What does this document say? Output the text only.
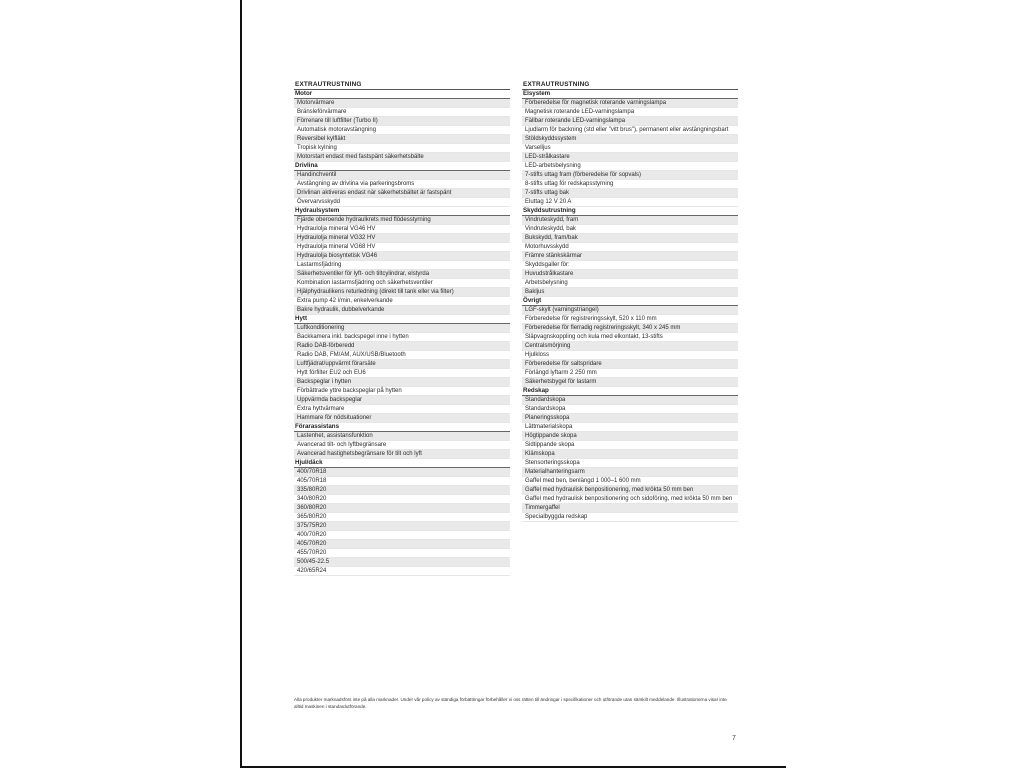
EXTRAUTRUSTNING
Motor
Motorvärmare
Bränsleförvärmare
Förrenare till luftfilter (Turbo II)
Automatisk motoravstängning
Reversibel kylfläkt
Tropisk kylning
Motorstart endast med fastspänt säkerhetsbälte
Drivlina
Handinchventil
Avstängning av drivlina via parkeringsbroms
Drivlinan aktiveras endast när säkerhetsbältet är fastspänt
Övervarvsskydd
Hydraulsystem
Fjärde oberoende hydraulkrets med flödesstyrning
Hydraulolja mineral VG46 HV
Hydraulolja mineral VG32 HV
Hydraulolja mineral VG68 HV
Hydraulolja biosyntetisk VG46
Lastarmsfjädring
Säkerhetsventiler för lyft- och tiltcylindrar, elstyrda
Kombination lastarmsfjädring och säkerhetsventiler
Hjälphydraulikens returledning (direkt till tank eller via filter)
Extra pump 42 l/min, enkelverkande
Bakre hydraulik, dubbelverkande
Hytt
Luftkonditionering
Backkamera inkl. backspegel inne i hytten
Radio DAB-förberedd
Radio DAB, FM/AM, AUX/USB/Bluetooth
Luftfjädrat/uppvärmt förarsäte
Hytt förfilter EU2 och EU6
Backspeglar i hytten
Förbättrade yttre backspeglar på hytten
Uppvärmda backspeglar
Extra hyttvärmare
Hammare för nödsituationer
Förarassistans
Lastenhet, assistansfunktion
Avancerad tilt- och lyftbegränsare
Avancerad hastighetsbegränsare för tilt och lyft
Hjul/däck
400/70R18
405/70R18
335/80R20
340/80R20
360/80R20
365/80R20
375/75R20
400/70R20
405/70R20
455/70R20
500/45-22.5
420/65R24
EXTRAUTRUSTNING
Elsystem
Förberedelse för magnetisk roterande varningslampa
Magnetisk roterande LED-varningslampa
Fällbar roterande LED-varningslampa
Ljudlarm för backning (std eller "vitt brus"), permanent eller avstängningsbart
Stöldskyddssystem
Varselljus
LED-strålkastare
LED-arbetsbelysning
7-stifts uttag fram (förberedelse för sopvals)
8-stifts uttag för redskapsstyrning
7-stifts uttag bak
Eluttag 12 V 20 A
Skyddsutrustning
Vindruteskydd, fram
Vindruteskydd, bak
Bukskydd, fram/bak
Motorhuvsskydd
Främre stänkskärmar
Skyddsgaller för:
Huvudstrålkastare
Arbetsbelysning
Bakljus
Övrigt
LGF-skylt (varningstriangel)
Förberedelse för registreringsskylt, 520 x 110 mm
Förberedelse för flerradig registreringsskylt, 340 x 245 mm
Släpvagnskoppling och kula med elkontakt, 13-stifts
Centralsmörjning
Hjulkloss
Förberedelse för saltspridare
Förlängd lyftarm 2 250 mm
Säkerhetsbygel för lastarm
Redskap
Standardskopa
Standardskopa
Planeringsskopa
Lättmaterialskopa
Högtippande skopa
Sidtippande skopa
Klämskopa
Stensorteringsskopa
Materialhanteringsarm
Gaffel med ben, benlängd 1 000–1 600 mm
Gaffel med hydraulisk benpositionering, med krökta 50 mm ben
Gaffel med hydraulisk benpositionering och sidoföring, med krökta 50 mm ben
Timmergaffel
Specialbyggda redskap
Alla produkter marknadsförs inte på alla marknader. Under vår policy av ständiga förbättringar förbehåller vi oss rätten till ändringar i specifikationer och utförande utan särskilt meddelande. Illustrationerna visar inte alltid maskinen i standardutförande.
7
